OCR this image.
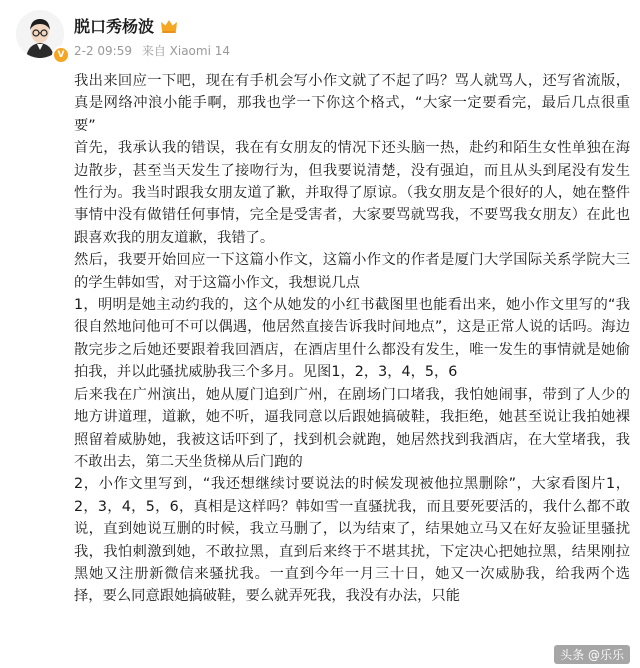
V
脱口秀杨波
2-2 09:59 来自 Xiaomi 14

我出来回应一下吧，现在有手机会写小作文就了不起了吗？骂人就骂人，还写省流版，真是网络冲浪小能手啊，那我也学一下你这个格式，“大家一定要看完，最后几点很重要”

首先，我承认我的错误，我在有女朋友的情况下还头脑一热，赴约和陌生女性单独在海边散步，甚至当天发生了接吻行为，但我要说清楚，没有强迫，而且从头到尾没有发生性行为。我当时跟我女朋友道了歉，并取得了原谅。（我女朋友是个很好的人，她在整件事情中没有做错任何事情，完全是受害者，大家要骂就骂我，不要骂我女朋友）在此也跟喜欢我的朋友道歉，我错了。

然后，我要开始回应一下这篇小作文，这篇小作文的作者是厦门大学国际关系学院大三的学生韩如雪，对于这篇小作文，我想说几点

1，明明是她主动约我的，这个从她发的小红书截图里也能看出来，她小作文里写的“我很自然地问他可不可以偶遇，他居然直接告诉我时间地点”，这是正常人说的话吗。海边散完步之后她还要跟着我回酒店，在酒店里什么都没有发生，唯一发生的事情就是她偷拍我，并以此骚扰威胁我三个多月。见图1，2，3，4，5，6

后来我在广州演出，她从厦门追到广州，在剧场门口堵我，我怕她闹事，带到了人少的地方讲道理，道歉，她不听，逼我同意以后跟她搞破鞋，我拒绝，她甚至说让我拍她裸照留着威胁她，我被这话吓到了，找到机会就跑，她居然找到我酒店，在大堂堵我，我不敢出去，第二天坐货梯从后门跑的

2，小作文里写到，“我还想继续讨要说法的时候发现被他拉黑删除”，大家看图片1，2，3，4，5，6，真相是这样吗？韩如雪一直骚扰我，而且要死要活的，我什么都不敢说，直到她说互删的时候，我立马删了，以为结束了，结果她立马又在好友验证里骚扰我，我怕刺激到她，不敢拉黑，直到后来终于不堪其扰，下定决心把她拉黑，结果刚拉黑她又注册新微信来骚扰我。一直到今年一月三十日，她又一次威胁我，给我两个选择，要么同意跟她搞破鞋，要么就弄死我，我没有办法，只能

头条 @乐乐
